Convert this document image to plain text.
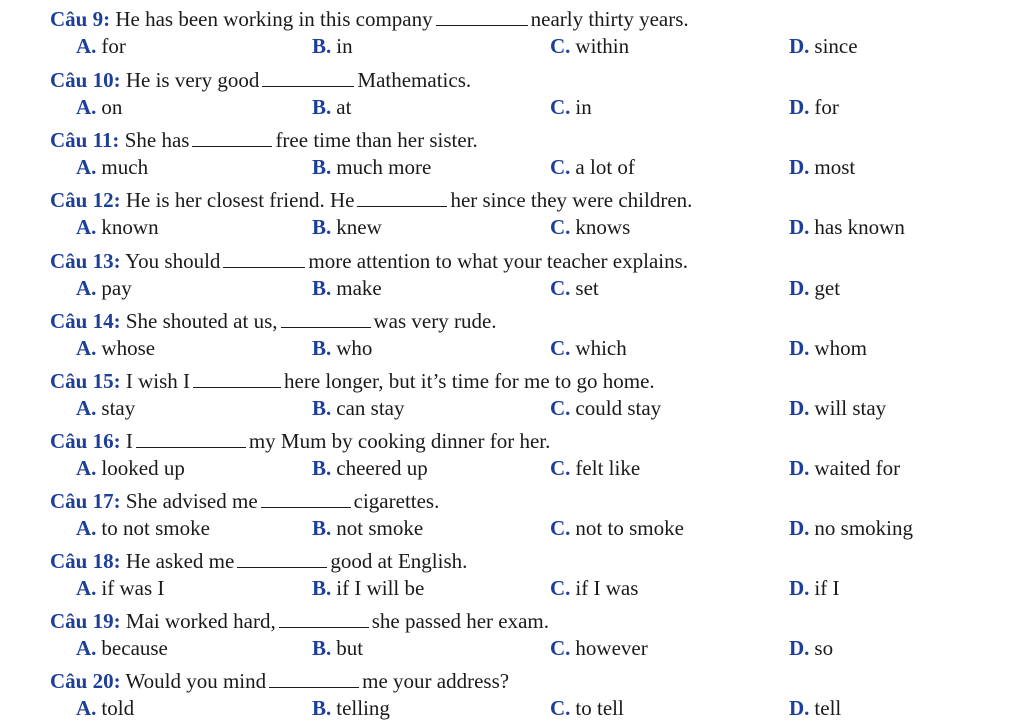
Câu 9: He has been working in this company	nearly thirty years.
A. for	B. in	C. within	D. since
Câu 10: He is very good	Mathematics.
A. on	B. at	C. in	D. for
Câu 11: She has	free time than her sister.
A. much	B. much more	C. a lot of	D. most
Câu 12: He is her closest friend. He	her since they were children.
A. known	B. knew	C. knows	D. has known
Câu 13: You should	more attention to what your teacher explains.
A. pay	B. make	C. set	D. get
Câu 14: She shouted at us,	was very rude.
A. whose	B. who	C. which	D. whom
Câu 15: I wish I	here longer, but it’s time for me to go home.
A. stay	B. can stay	C. could stay	D. will stay
Câu 16: I	my Mum by cooking dinner for her.
A. looked up	B. cheered up	C. felt like	D. waited for
Câu 17: She advised me	cigarettes.
A. to not smoke	B. not smoke	C. not to smoke	D. no smoking
Câu 18: He asked me	good at English.
A. if was I	B. if I will be	C. if I was	D. if I
Câu 19: Mai worked hard,	she passed her exam.
A. because	B. but	C. however	D. so
Câu 20: Would you mind	me your address?
A. told	B. telling	C. to tell	D. tell
